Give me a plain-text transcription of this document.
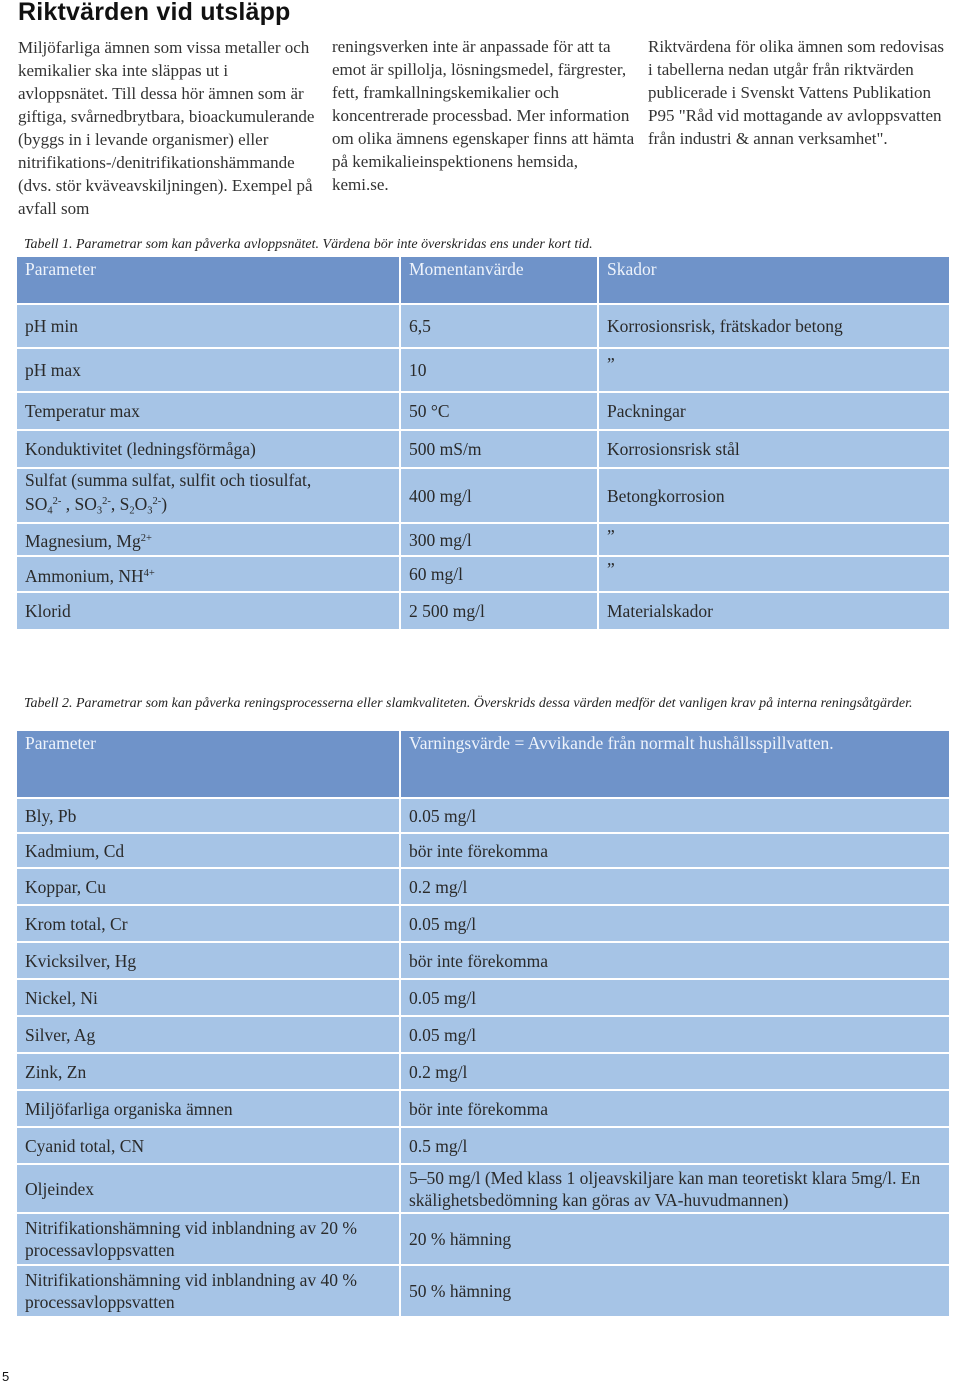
Riktvärden vid utsläpp

Miljöfarliga ämnen som vissa metaller och kemikalier ska inte släppas ut i avloppsnätet. Till dessa hör ämnen som är giftiga, svårnedbrytbara, bioackumulerande (byggs in i levande organismer) eller nitrifikations-/denitrifikationshämmande (dvs. stör kväveavskiljningen). Exempel på avfall som

reningsverken inte är anpassade för att ta emot är spillolja, lösningsmedel, färgrester, fett, framkallningskemikalier och koncentrerade processbad. Mer information om olika ämnens egenskaper finns att hämta på kemikalieinspektionens hemsida, kemi.se.

Riktvärdena för olika ämnen som redovisas i tabellerna nedan utgår från riktvärden publicerade i Svenskt Vattens Publikation P95 "Råd vid mottagande av avloppsvatten från industri & annan verksamhet".

Tabell 1. Parametrar som kan påverka avloppsnätet. Värdena bör inte överskridas ens under kort tid.

Parameter	Momentanvärde	Skador
pH min	6,5	Korrosionsrisk, frätskador betong
pH max	10	”
Temperatur max	50 °C	Packningar
Konduktivitet (ledningsförmåga)	500 mS/m	Korrosionsrisk stål
Sulfat (summa sulfat, sulfit och tiosulfat,
$SO_4^{2-}$ , $SO_3^{2-}$, $S_2O_3^{2-}$)	400 mg/l	Betongkorrosion
Magnesium, $Mg^{2+}$	300 mg/l	”
Ammonium, $NH^{4+}$	60 mg/l	”
Klorid	2 500 mg/l	Materialskador

Tabell 2. Parametrar som kan påverka reningsprocesserna eller slamkvaliteten. Överskrids dessa värden medför det vanligen krav på interna reningsåtgärder.

Parameter	Varningsvärde = Avvikande från normalt hushållsspillvatten.
Bly, Pb	0.05 mg/l
Kadmium, Cd	bör inte förekomma
Koppar, Cu	0.2 mg/l
Krom total, Cr	0.05 mg/l
Kvicksilver, Hg	bör inte förekomma
Nickel, Ni	0.05 mg/l
Silver, Ag	0.05 mg/l
Zink, Zn	0.2 mg/l
Miljöfarliga organiska ämnen	bör inte förekomma
Cyanid total, CN	0.5 mg/l
Oljeindex	5–50 mg/l (Med klass 1 oljeavskiljare kan man teoretiskt klara 5mg/l. En skälighetsbedömning kan göras av VA-huvudmannen)
Nitrifikationshämning vid inblandning av 20 % processavloppsvatten	20 % hämning
Nitrifikationshämning vid inblandning av 40 % processavloppsvatten	50 % hämning
5
